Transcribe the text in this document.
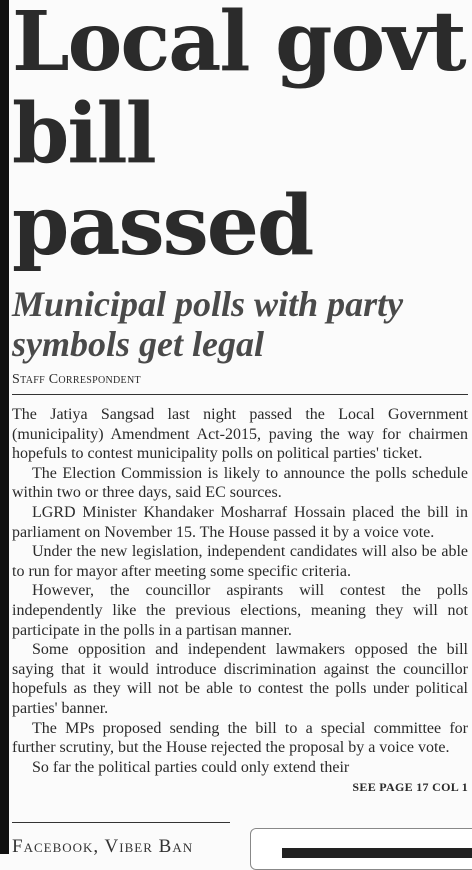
Local govt bill passed
Municipal polls with party symbols get legal
Staff Correspondent

The Jatiya Sangsad last night passed the Local Government (municipality) Amendment Act-2015, paving the way for chairmen hopefuls to contest municipality polls on political parties' ticket.

The Election Commission is likely to announce the polls schedule within two or three days, said EC sources.

LGRD Minister Khandaker Mosharraf Hossain placed the bill in parliament on November 15. The House passed it by a voice vote.

Under the new legislation, independent candidates will also be able to run for mayor after meeting some specific criteria.

However, the councillor aspirants will contest the polls independently like the previous elections, meaning they will not participate in the polls in a partisan manner.

Some opposition and independent lawmakers opposed the bill saying that it would introduce discrimination against the councillor hopefuls as they will not be able to contest the polls under political parties' banner.

The MPs proposed sending the bill to a special committee for further scrutiny, but the House rejected the proposal by a voice vote.

So far the political parties could only extend their

SEE PAGE 17 COL 1
Facebook, Viber Ban
